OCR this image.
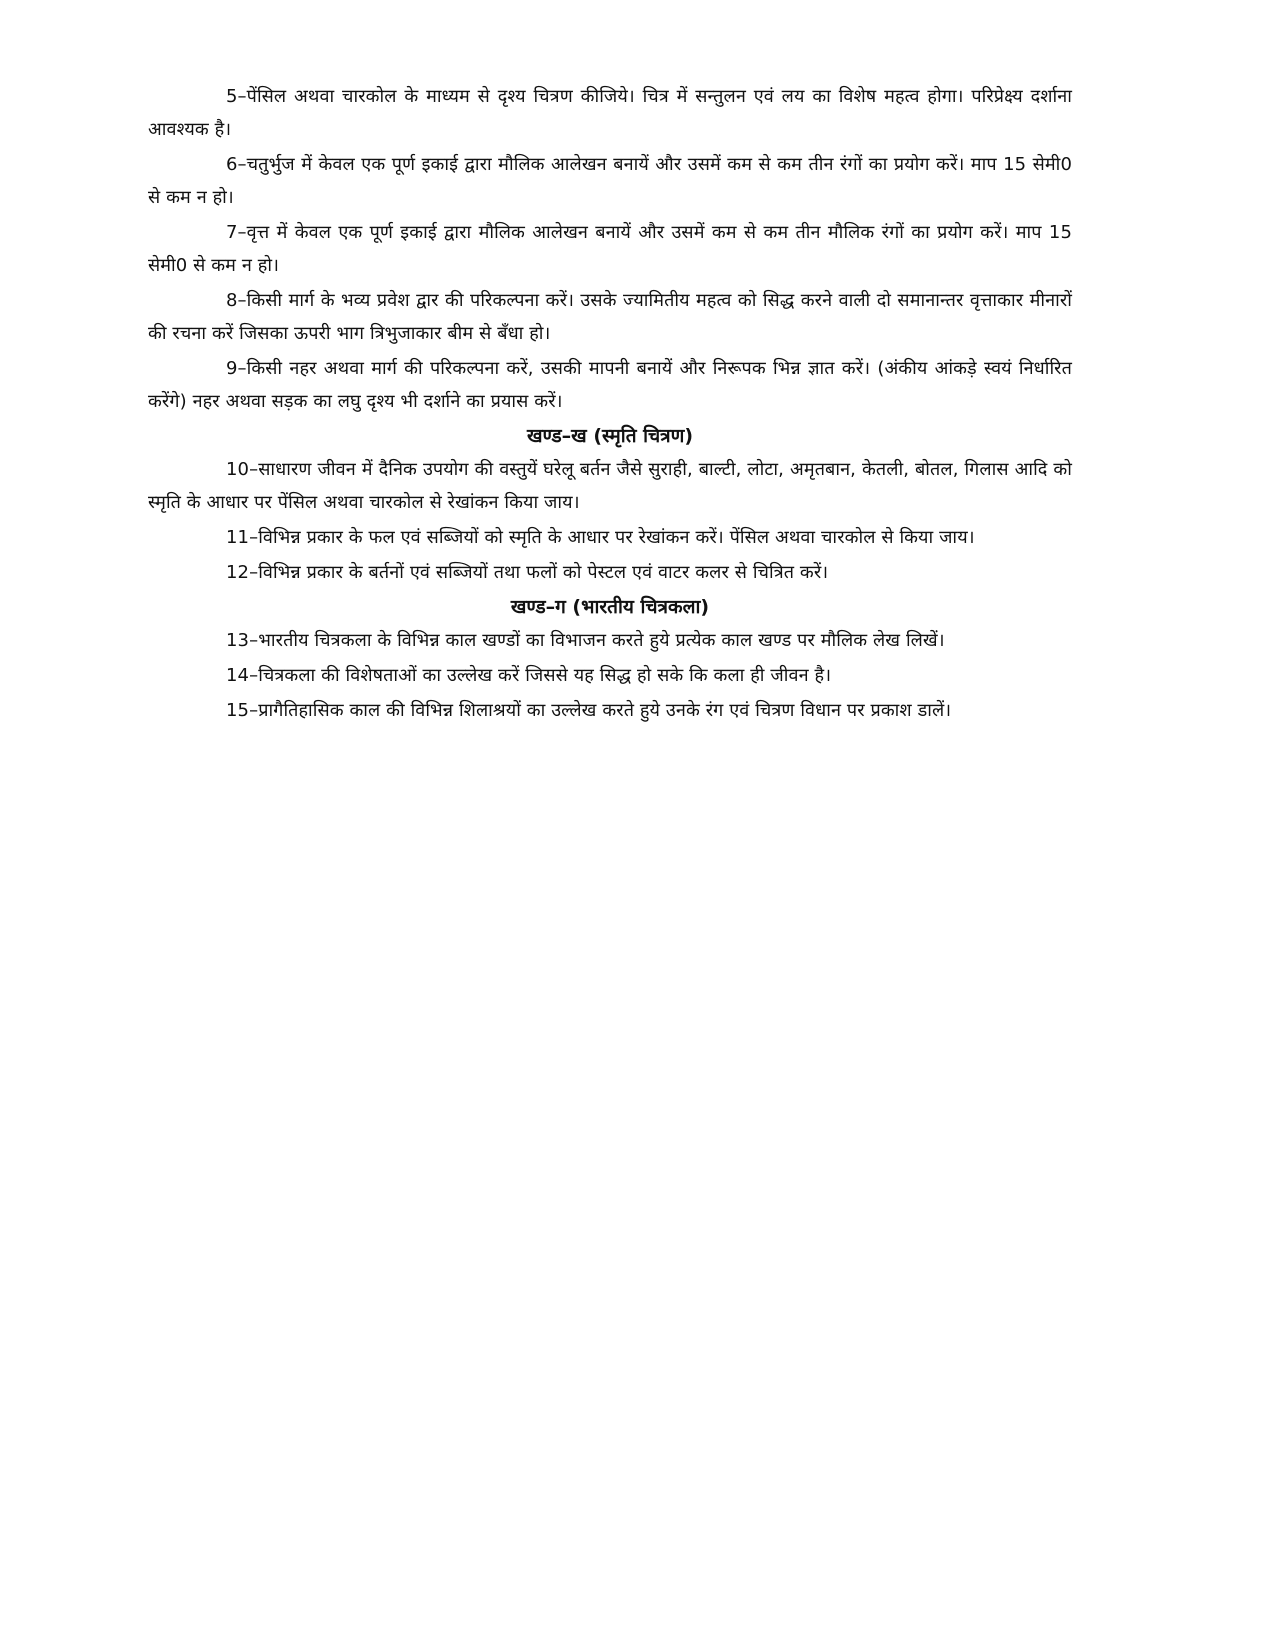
5–पेंसिल अथवा चारकोल के माध्यम से दृश्य चित्रण कीजिये। चित्र में सन्तुलन एवं लय का विशेष महत्व होगा। परिप्रेक्ष्य दर्शाना आवश्यक है।

6–चतुर्भुज में केवल एक पूर्ण इकाई द्वारा मौलिक आलेखन बनायें और उसमें कम से कम तीन रंगों का प्रयोग करें। माप 15 सेमी0 से कम न हो।

7–वृत्त में केवल एक पूर्ण इकाई द्वारा मौलिक आलेखन बनायें और उसमें कम से कम तीन मौलिक रंगों का प्रयोग करें। माप 15 सेमी0 से कम न हो।

8–किसी मार्ग के भव्य प्रवेश द्वार की परिकल्पना करें। उसके ज्यामितीय महत्व को सिद्ध करने वाली दो समानान्तर वृत्ताकार मीनारों की रचना करें जिसका ऊपरी भाग त्रिभुजाकार बीम से बँधा हो।

9–किसी नहर अथवा मार्ग की परिकल्पना करें, उसकी मापनी बनायें और निरूपक भिन्न ज्ञात करें। (अंकीय आंकड़े स्वयं निर्धारित करेंगे) नहर अथवा सड़क का लघु दृश्य भी दर्शाने का प्रयास करें।

खण्ड–ख (स्मृति चित्रण)

10–साधारण जीवन में दैनिक उपयोग की वस्तुयें घरेलू बर्तन जैसे सुराही, बाल्टी, लोटा, अमृतबान, केतली, बोतल, गिलास आदि को स्मृति के आधार पर पेंसिल अथवा चारकोल से रेखांकन किया जाय।

11–विभिन्न प्रकार के फल एवं सब्जियों को स्मृति के आधार पर रेखांकन करें। पेंसिल अथवा चारकोल से किया जाय।

12–विभिन्न प्रकार के बर्तनों एवं सब्जियों तथा फलों को पेस्टल एवं वाटर कलर से चित्रित करें।

खण्ड–ग (भारतीय चित्रकला)

13–भारतीय चित्रकला के विभिन्न काल खण्डों का विभाजन करते हुये प्रत्येक काल खण्ड पर मौलिक लेख लिखें।

14–चित्रकला की विशेषताओं का उल्लेख करें जिससे यह सिद्ध हो सके कि कला ही जीवन है।

15–प्रागैतिहासिक काल की विभिन्न शिलाश्रयों का उल्लेख करते हुये उनके रंग एवं चित्रण विधान पर प्रकाश डालें।
